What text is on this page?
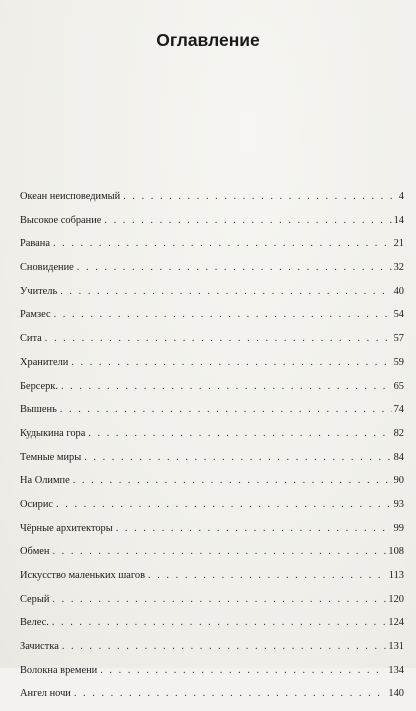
Оглавление
Океан неисповедимый . . .	4
Высокое собрание . . .	14
Равана . . .	21
Сновидение . . .	32
Учитель . . .	40
Рамзес . . .	54
Сита . . .	57
Хранители . . .	59
Берсерк. . . .	65
Вышень . . .	74
Кудыкина гора . . .	82
Темные миры . . .	84
На Олимпе . . .	90
Осирис . . .	93
Чёрные архитекторы . . .	99
Обмен . . .	108
Искусство маленьких шагов . . .	113
Серый . . .	120
Велес. . . .	124
Зачистка . . .	131
Волокна времени . . .	134
Ангел ночи . . .	140
